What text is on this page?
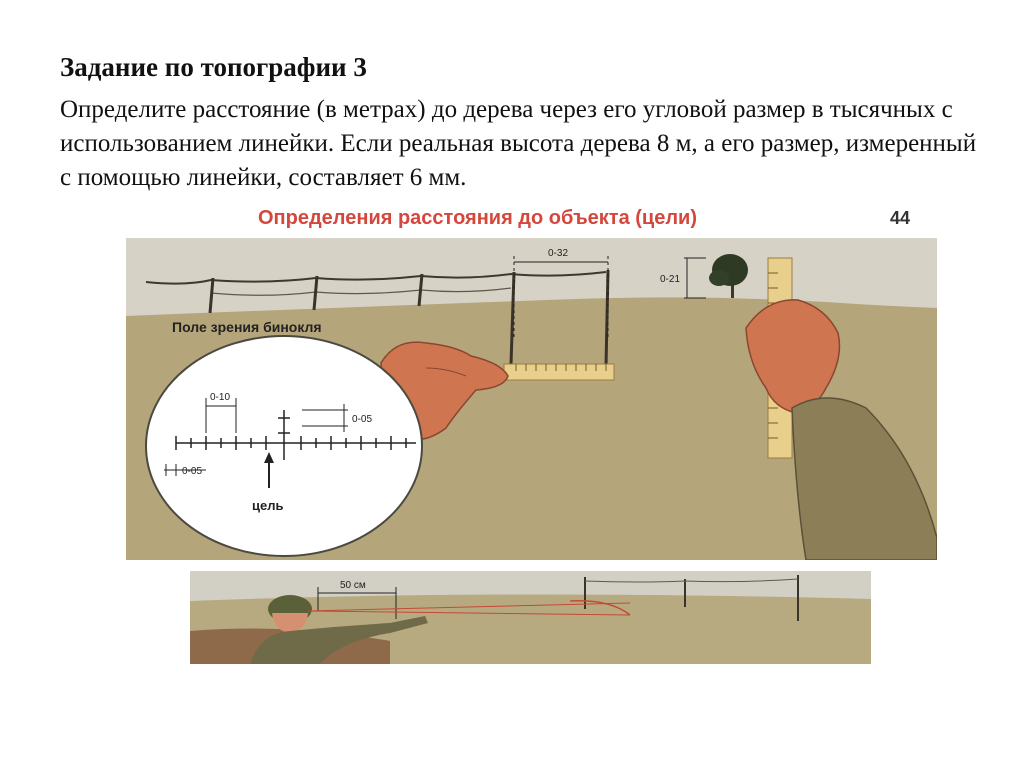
Задание по топографии 3

Определите расстояние (в метрах) до дерева через его угловой размер в тысячных с использованием линейки. Если реальная высота дерева 8 м, а его размер, измеренный с помощью линейки, составляет 6 мм.

Определения расстояния до объекта (цели)	44
0-32
0-21
Поле зрения бинокля
0-10
0-05
0-05
цель
50 см
